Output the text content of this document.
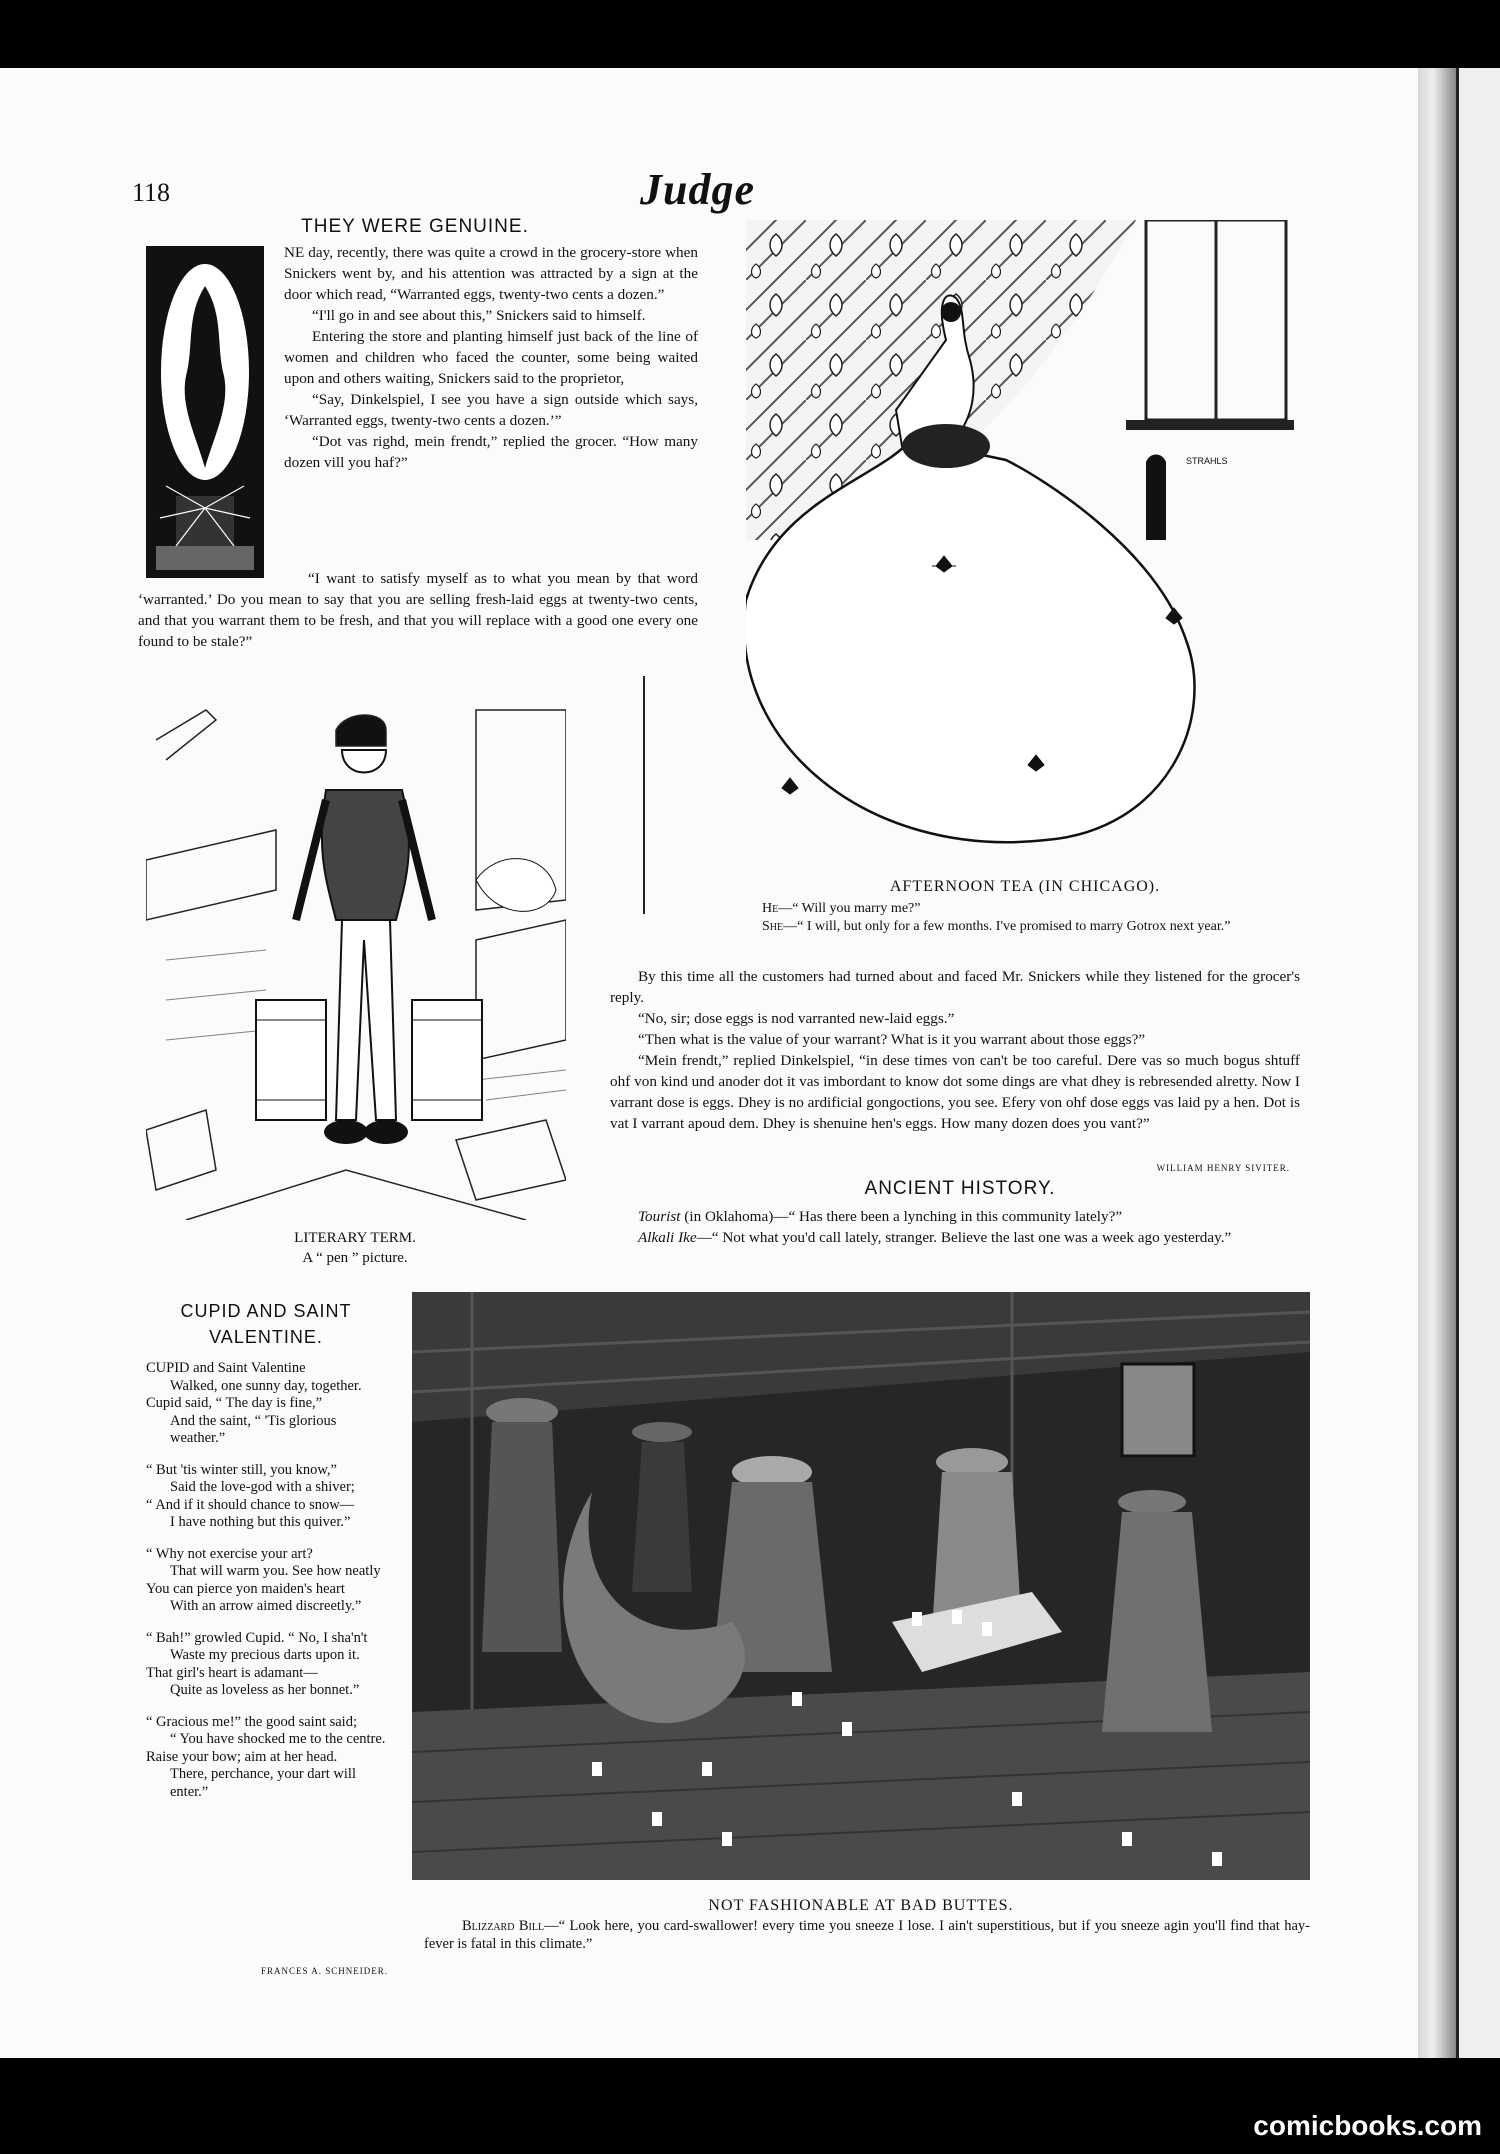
118	Judge
THEY WERE GENUINE.

NE day, recently, there was quite a crowd in the grocery-store when Snickers went by, and his attention was attracted by a sign at the door which read, “Warranted eggs, twenty-two cents a dozen.”

“I'll go in and see about this,” Snickers said to himself.

Entering the store and planting himself just back of the line of women and children who faced the counter, some being waited upon and others waiting, Snickers said to the proprietor,

“Say, Dinkelspiel, I see you have a sign outside which says, ‘Warranted eggs, twenty-two cents a dozen.’”

“Dot vas righd, mein frendt,” replied the grocer. “How many dozen vill you haf?”

“I want to satisfy myself as to what you mean by that word ‘warranted.’ Do you mean to say that you are selling fresh-laid eggs at twenty-two cents, and that you warrant them to be fresh, and that you will replace with a good one every one found to be stale?”

STRAHLS
AFTERNOON TEA (IN CHICAGO).
He—“ Will you marry me?”
She—“ I will, but only for a few months. I've promised to marry Gotrox next year.”
LITERARY TERM.
A “ pen ” picture.

By this time all the customers had turned about and faced Mr. Snickers while they listened for the grocer's reply.

“No, sir; dose eggs is nod varranted new-laid eggs.”

“Then what is the value of your warrant? What is it you warrant about those eggs?”

“Mein frendt,” replied Dinkelspiel, “in dese times von can't be too careful. Dere vas so much bogus shtuff ohf von kind und anoder dot it vas imbordant to know dot some dings are vhat dhey is rebresended alretty. Now I varrant dose is eggs. Dhey is no ardificial gongoctions, you see. Efery von ohf dose eggs vas laid py a hen. Dot is vat I varrant apoud dem. Dhey is shenuine hen's eggs. How many dozen does you vant?”

WILLIAM HENRY SIVITER.
ANCIENT HISTORY.

Tourist (in Oklahoma)—“ Has there been a lynching in this community lately?”

Alkali Ike—“ Not what you'd call lately, stranger. Believe the last one was a week ago yesterday.”

CUPID AND SAINT
VALENTINE.
CUPID and Saint Valentine
Walked, one sunny day, together.
Cupid said, “ The day is fine,”
And the saint, “ 'Tis glorious weather.”
“ But 'tis winter still, you know,”
Said the love-god with a shiver;
“ And if it should chance to snow—
I have nothing but this quiver.”
“ Why not exercise your art?
That will warm you. See how neatly
You can pierce yon maiden's heart
With an arrow aimed discreetly.”
“ Bah!” growled Cupid. “ No, I sha'n't
Waste my precious darts upon it.
That girl's heart is adamant—
Quite as loveless as her bonnet.”
“ Gracious me!” the good saint said;
“ You have shocked me to the centre.
Raise your bow; aim at her head.
There, perchance, your dart will enter.”
FRANCES A. SCHNEIDER.
NOT FASHIONABLE AT BAD BUTTES.

Blizzard Bill—“ Look here, you card-swallower! every time you sneeze I lose. I ain't superstitious, but if you sneeze agin you'll find that hay-fever is fatal in this climate.”

comicbooks.com
